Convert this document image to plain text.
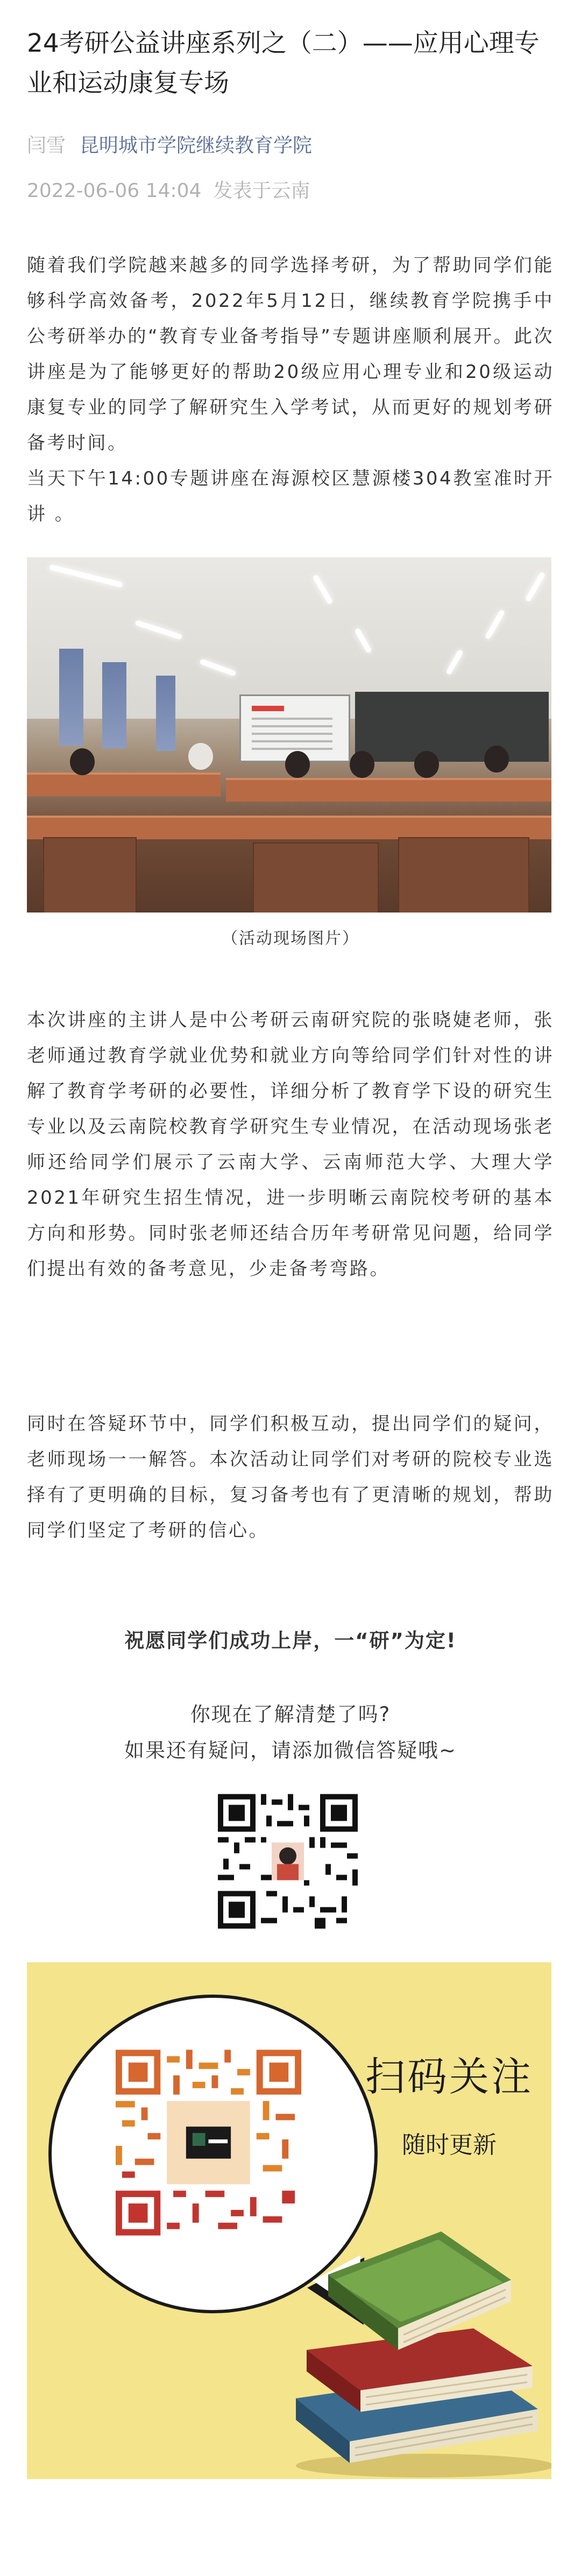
24考研公益讲座系列之（二）——应用心理专业和运动康复专场
闫雪 昆明城市学院继续教育学院
2022-06-06 14:04 发表于云南

随着我们学院越来越多的同学选择考研，为了帮助同学们能够科学高效备考，2022年5月12日，继续教育学院携手中公考研举办的“教育专业备考指导”专题讲座顺利展开。此次讲座是为了能够更好的帮助20级应用心理专业和20级运动康复专业的同学了解研究生入学考试，从而更好的规划考研备考时间。

当天下午14:00专题讲座在海源校区慧源楼304教室准时开讲 。

（活动现场图片）

本次讲座的主讲人是中公考研云南研究院的张晓婕老师，张老师通过教育学就业优势和就业方向等给同学们针对性的讲解了教育学考研的必要性，详细分析了教育学下设的研究生专业以及云南院校教育学研究生专业情况，在活动现场张老师还给同学们展示了云南大学、云南师范大学、大理大学2021年研究生招生情况，进一步明晰云南院校考研的基本方向和形势。同时张老师还结合历年考研常见问题，给同学们提出有效的备考意见，少走备考弯路。

同时在答疑环节中，同学们积极互动，提出同学们的疑问，老师现场一一解答。本次活动让同学们对考研的院校专业选择有了更明确的目标，复习备考也有了更清晰的规划，帮助同学们坚定了考研的信心。

祝愿同学们成功上岸，一“研”为定!
你现在了解清楚了吗?
如果还有疑问，请添加微信答疑哦~
扫码关注
随时更新
